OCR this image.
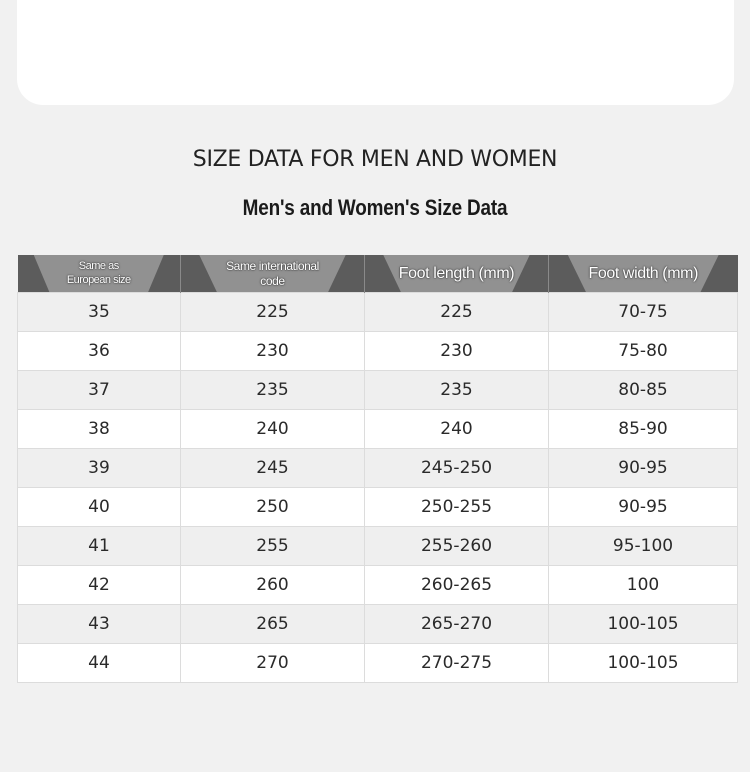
SIZE DATA FOR MEN AND WOMEN
Men's and Women's Size Data
Same as European size	Same international code	Foot length (mm)	Foot width (mm)

35	225	225	70-75
36	230	230	75-80
37	235	235	80-85
38	240	240	85-90
39	245	245-250	90-95
40	250	250-255	90-95
41	255	255-260	95-100
42	260	260-265	100
43	265	265-270	100-105
44	270	270-275	100-105
